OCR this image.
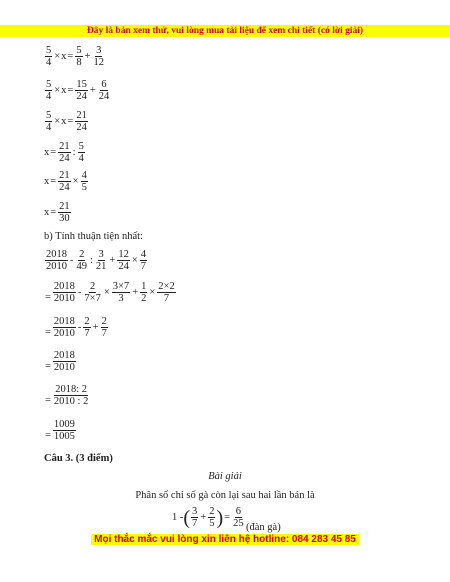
Đây là bản xem thử, vui lòng mua tài liệu để xem chi tiết (có lời giải)
$\frac{5}{4} \times x = \frac{5}{8} + \frac{3}{12}$
$\frac{5}{4} \times x = \frac{15}{24} + \frac{6}{24}$
$\frac{5}{4} \times x = \frac{21}{24}$
$x = \frac{21}{24}$ : $\frac{5}{4}$
$x = \frac{21}{24} \times \frac{4}{5}$
$x = \frac{21}{30}$
b) Tính thuận tiện nhất:
$\frac{2018}{2010} - \frac{2}{49}$ : $\frac{3}{21} + \frac{12}{24} \times \frac{4}{7}$
= $\frac{2018}{2010} - \frac{2}{7\times 7} \times \frac{3\times 7}{3} + \frac{1}{2} \times \frac{2\times 2}{7}$
= $\frac{2018}{2010} - \frac{2}{7} + \frac{2}{7}$
= $\frac{2018}{2010}$
= $\frac{2018: 2}{2010 : 2}$
= $\frac{1009}{1005}$
Câu 3. (3 điểm)
Bài giải
Phân số chỉ số gà còn lại sau hai lần bán là
1 - ( $\frac{3}{7} + \frac{2}{5}$ ) = $\frac{6}{25}$ (đàn gà)
Mọi thắc mắc vui lòng xin liên hệ hotline: 084 283 45 85
